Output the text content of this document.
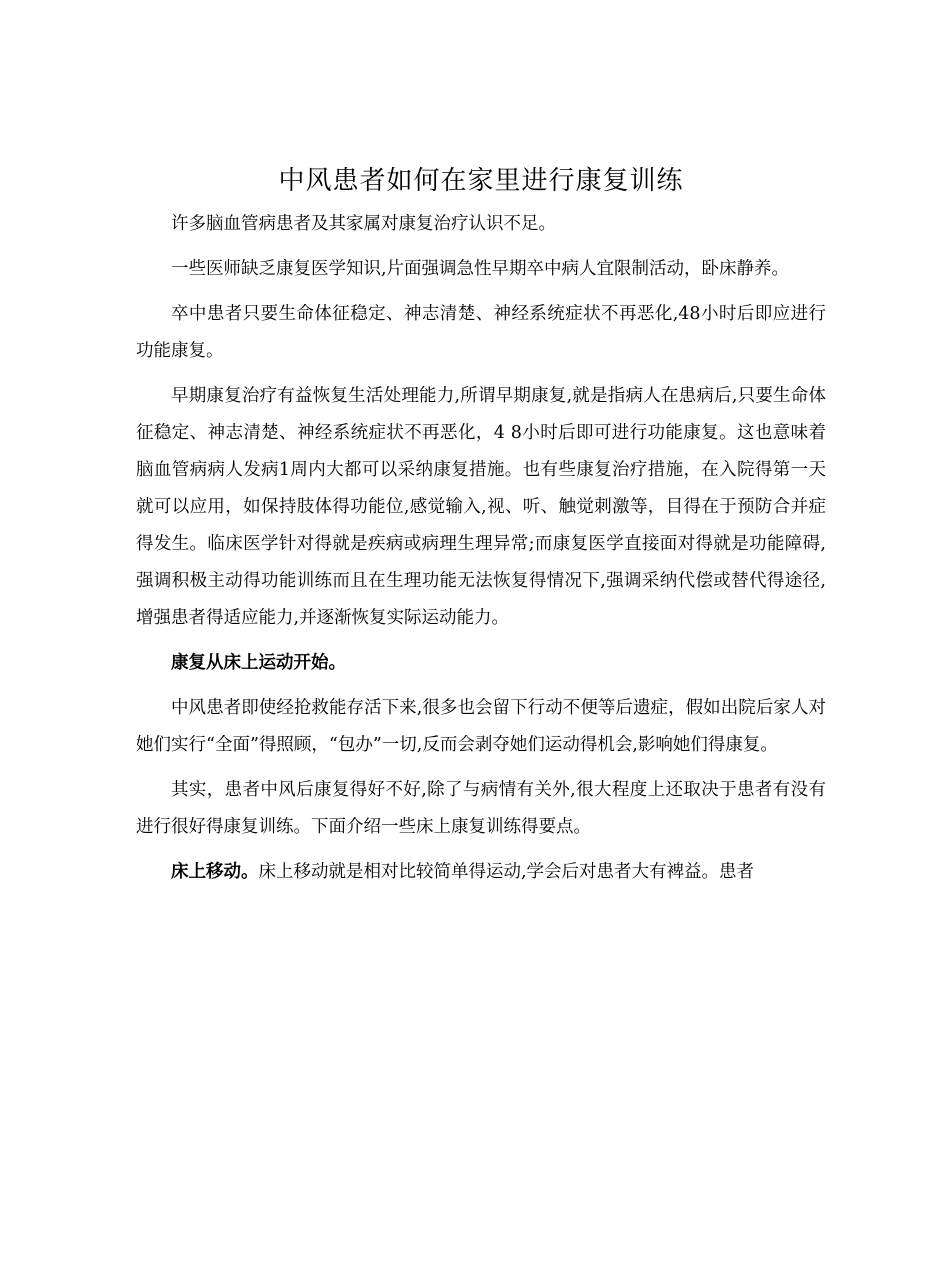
中风患者如何在家里进行康复训练

许多脑血管病患者及其家属对康复治疗认识不足。

一些医师缺乏康复医学知识,片面强调急性早期卒中病人宜限制活动，卧床静养。

卒中患者只要生命体征稳定、神志清楚、神经系统症状不再恶化,48小时后即应进行功能康复。

早期康复治疗有益恢复生活处理能力,所谓早期康复,就是指病人在患病后,只要生命体征稳定、神志清楚、神经系统症状不再恶化，4 8小时后即可进行功能康复。这也意味着脑血管病病人发病1周内大都可以采纳康复措施。也有些康复治疗措施，在入院得第一天就可以应用，如保持肢体得功能位,感觉输入,视、听、触觉刺激等，目得在于预防合并症得发生。临床医学针对得就是疾病或病理生理异常;而康复医学直接面对得就是功能障碍,强调积极主动得功能训练而且在生理功能无法恢复得情况下,强调采纳代偿或替代得途径,增强患者得适应能力,并逐渐恢复实际运动能力。

康复从床上运动开始。

中风患者即使经抢救能存活下来,很多也会留下行动不便等后遗症，假如出院后家人对她们实行“全面”得照顾，“包办”一切,反而会剥夺她们运动得机会,影响她们得康复。

其实，患者中风后康复得好不好,除了与病情有关外,很大程度上还取决于患者有没有进行很好得康复训练。下面介绍一些床上康复训练得要点。

床上移动。床上移动就是相对比较简单得运动,学会后对患者大有裨益。患者
